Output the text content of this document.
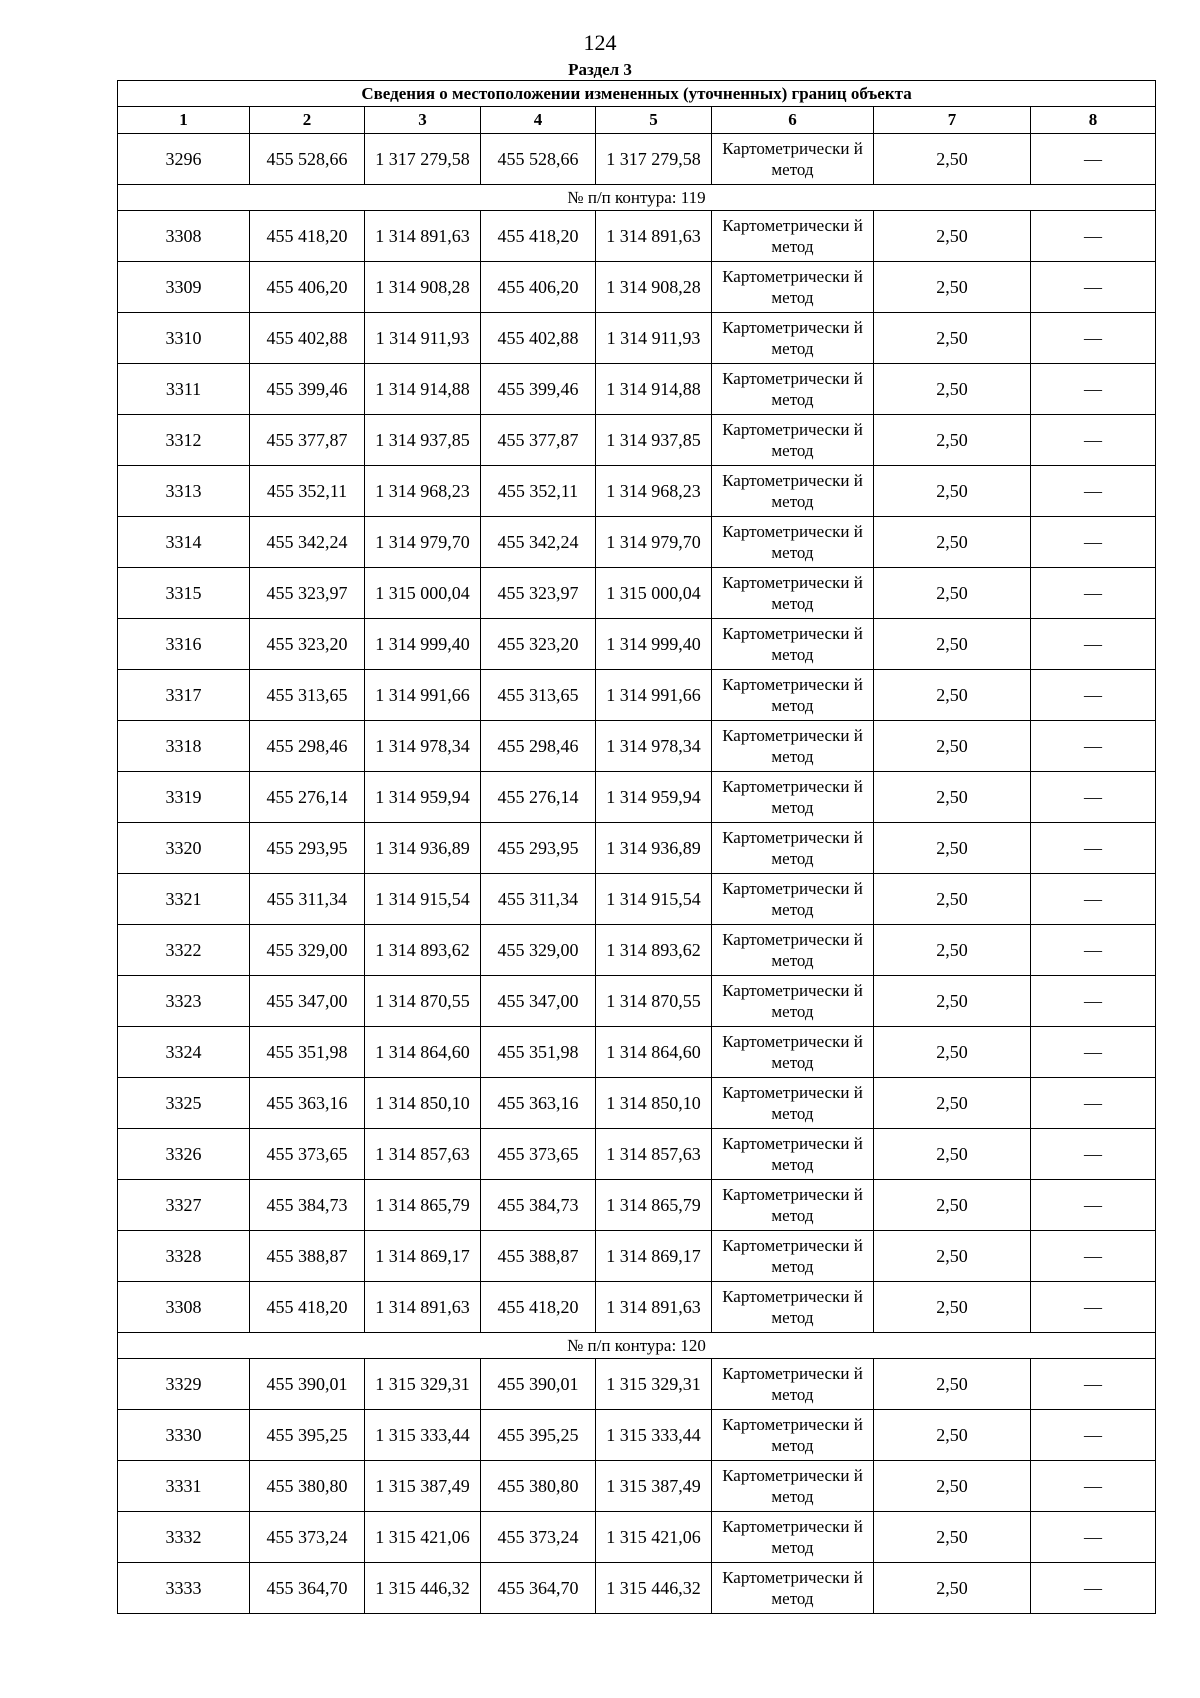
124
Раздел 3
Сведения о местоположении измененных (уточненных) границ объекта							
1	2	3	4	5	6	7	8
3296	455 528,66	1 317 279,58	455 528,66	1 317 279,58	Картометрически й метод	2,50	—
№ п/п контура: 119							
3308	455 418,20	1 314 891,63	455 418,20	1 314 891,63	Картометрически й метод	2,50	—
3309	455 406,20	1 314 908,28	455 406,20	1 314 908,28	Картометрически й метод	2,50	—
3310	455 402,88	1 314 911,93	455 402,88	1 314 911,93	Картометрически й метод	2,50	—
3311	455 399,46	1 314 914,88	455 399,46	1 314 914,88	Картометрически й метод	2,50	—
3312	455 377,87	1 314 937,85	455 377,87	1 314 937,85	Картометрически й метод	2,50	—
3313	455 352,11	1 314 968,23	455 352,11	1 314 968,23	Картометрически й метод	2,50	—
3314	455 342,24	1 314 979,70	455 342,24	1 314 979,70	Картометрически й метод	2,50	—
3315	455 323,97	1 315 000,04	455 323,97	1 315 000,04	Картометрически й метод	2,50	—
3316	455 323,20	1 314 999,40	455 323,20	1 314 999,40	Картометрически й метод	2,50	—
3317	455 313,65	1 314 991,66	455 313,65	1 314 991,66	Картометрически й метод	2,50	—
3318	455 298,46	1 314 978,34	455 298,46	1 314 978,34	Картометрически й метод	2,50	—
3319	455 276,14	1 314 959,94	455 276,14	1 314 959,94	Картометрически й метод	2,50	—
3320	455 293,95	1 314 936,89	455 293,95	1 314 936,89	Картометрически й метод	2,50	—
3321	455 311,34	1 314 915,54	455 311,34	1 314 915,54	Картометрически й метод	2,50	—
3322	455 329,00	1 314 893,62	455 329,00	1 314 893,62	Картометрически й метод	2,50	—
3323	455 347,00	1 314 870,55	455 347,00	1 314 870,55	Картометрически й метод	2,50	—
3324	455 351,98	1 314 864,60	455 351,98	1 314 864,60	Картометрически й метод	2,50	—
3325	455 363,16	1 314 850,10	455 363,16	1 314 850,10	Картометрически й метод	2,50	—
3326	455 373,65	1 314 857,63	455 373,65	1 314 857,63	Картометрически й метод	2,50	—
3327	455 384,73	1 314 865,79	455 384,73	1 314 865,79	Картометрически й метод	2,50	—
3328	455 388,87	1 314 869,17	455 388,87	1 314 869,17	Картометрически й метод	2,50	—
3308	455 418,20	1 314 891,63	455 418,20	1 314 891,63	Картометрически й метод	2,50	—
№ п/п контура: 120							
3329	455 390,01	1 315 329,31	455 390,01	1 315 329,31	Картометрически й метод	2,50	—
3330	455 395,25	1 315 333,44	455 395,25	1 315 333,44	Картометрически й метод	2,50	—
3331	455 380,80	1 315 387,49	455 380,80	1 315 387,49	Картометрически й метод	2,50	—
3332	455 373,24	1 315 421,06	455 373,24	1 315 421,06	Картометрически й метод	2,50	—
3333	455 364,70	1 315 446,32	455 364,70	1 315 446,32	Картометрически й метод	2,50	—
